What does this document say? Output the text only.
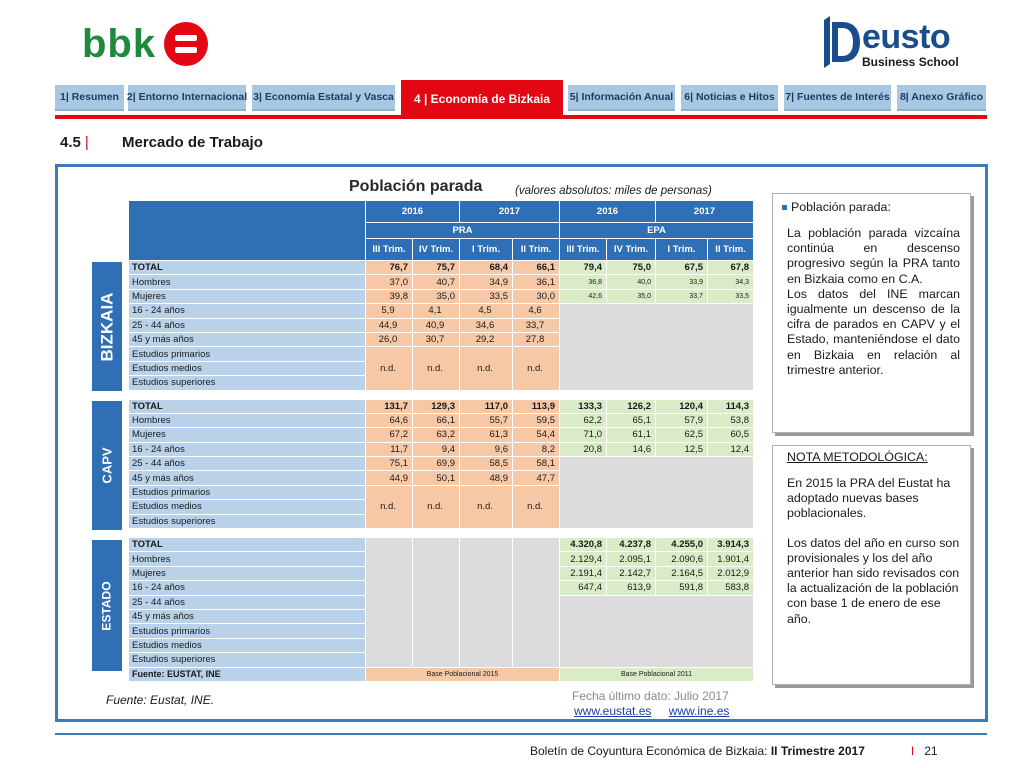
bbk	eusto
Business School
1| Resumen 2| Entorno Internacional 3| Economía Estatal y Vasca	4 | Economía de Bizkaia	5| Información Anual	6| Noticias e Hitos	7| Fuentes de Interés 8| Anexo Gráfico
4.5 | Mercado de Trabajo
Población parada	(valores absolutos: miles de personas)
BIZKAIA
CAPV
ESTADO
	2016		2017		2016		2017	
	PRA				EPA			
	III Trim.	IV Trim.	I Trim.	II Trim.	III Trim.	IV Trim.	I Trim.	II Trim.
TOTAL	76,7	75,7	68,4	66,1	79,4	75,0	67,5	67,8
Hombres	37,0	40,7	34,9	36,1	36,8	40,0	33,9	34,3
Mujeres	39,8	35,0	33,5	30,0	42,6	35,0	33,7	33,5
16 - 24 años	5,9	4,1	4,5	4,6				
25 - 44 años	44,9	40,9	34,6	33,7				
45 y más años	26,0	30,7	29,2	27,8				
Estudios primarios	n.d.	n.d.	n.d.	n.d.				
Estudios medios								
Estudios superiores								

TOTAL	131,7	129,3	117,0	113,9	133,3	126,2	120,4	114,3
Hombres	64,6	66,1	55,7	59,5	62,2	65,1	57,9	53,8
Mujeres	67,2	63,2	61,3	54,4	71,0	61,1	62,5	60,5
16 - 24 años	11,7	9,4	9,6	8,2	20,8	14,6	12,5	12,4
25 - 44 años	75,1	69,9	58,5	58,1				
45 y más años	44,9	50,1	48,9	47,7				
Estudios primarios	n.d.	n.d.	n.d.	n.d.				
Estudios medios								
Estudios superiores								

TOTAL					4.320,8	4.237,8	4.255,0	3.914,3
Hombres					2.129,4	2.095,1	2.090,6	1.901,4
Mujeres					2.191,4	2.142,7	2.164,5	2.012,9
16 - 24 años					647,4	613,9	591,8	583,8
25 - 44 años								
45 y más años								
Estudios primarios								
Estudios medios								
Estudios superiores								
Fuente: EUSTAT, INE	Base Poblacional 2015				Base Poblacional 2011			
Fuente: Eustat, INE.	Fecha último dato: Julio 2017
www.eustat.es www.ine.es
Población parada:

La población parada vizcaína continúa en descenso progresivo según la PRA tanto en Bizkaia como en C.A.

Los datos del INE marcan igualmente un descenso de la cifra de parados en CAPV y el Estado, manteniéndose el dato en Bizkaia en relación al trimestre anterior.

NOTA METODOLÓGICA:

En 2015 la PRA del Eustat ha adoptado nuevas bases poblacionales.

Los datos del año en curso son provisionales y los del año anterior han sido revisados con la actualización de la población con base 1 de enero de ese año.

Boletín de Coyuntura Económica de Bizkaia: II Trimestre 2017	I 21
